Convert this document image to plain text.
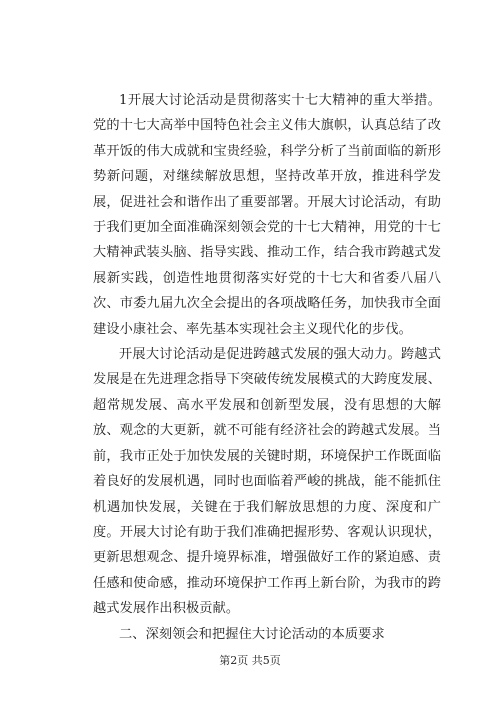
1开展大讨论活动是贯彻落实十七大精神的重大举措。党的十七大高举中国特色社会主义伟大旗帜，认真总结了改革开饭的伟大成就和宝贵经验，科学分析了当前面临的新形势新问题，对继续解放思想，坚持改革开放，推进科学发展，促进社会和谐作出了重要部署。开展大讨论活动，有助于我们更加全面准确深刻领会党的十七大精神，用党的十七大精神武装头脑、指导实践、推动工作，结合我市跨越式发展新实践，创造性地贯彻落实好党的十七大和省委八届八次、市委九届九次全会提出的各项战略任务，加快我市全面建设小康社会、率先基本实现社会主义现代化的步伐。

开展大讨论活动是促进跨越式发展的强大动力。跨越式发展是在先进理念指导下突破传统发展模式的大跨度发展、超常规发展、高水平发展和创新型发展，没有思想的大解放、观念的大更新，就不可能有经济社会的跨越式发展。当前，我市正处于加快发展的关键时期，环境保护工作既面临着良好的发展机遇，同时也面临着严峻的挑战，能不能抓住机遇加快发展，关键在于我们解放思想的力度、深度和广度。开展大讨论有助于我们准确把握形势、客观认识现状，更新思想观念、提升境界标准，增强做好工作的紧迫感、责任感和使命感，推动环境保护工作再上新台阶，为我市的跨越式发展作出积极贡献。

二、深刻领会和把握住大讨论活动的本质要求

第2页 共5页
